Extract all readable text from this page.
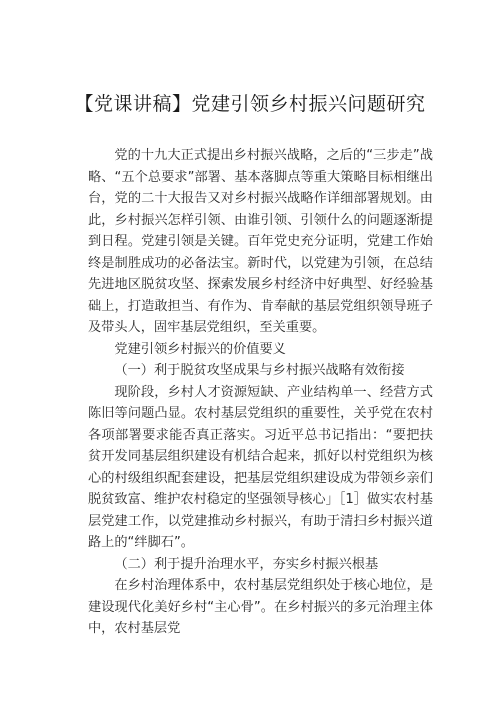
【党课讲稿】党建引领乡村振兴问题研究

党的十九大正式提出乡村振兴战略，之后的“三步走”战略、“五个总要求”部署、基本落脚点等重大策略目标相继出台，党的二十大报告又对乡村振兴战略作详细部署规划。由此，乡村振兴怎样引领、由谁引领、引领什么的问题逐渐提到日程。党建引领是关键。百年党史充分证明，党建工作始终是制胜成功的必备法宝。新时代，以党建为引领，在总结先进地区脱贫攻坚、探索发展乡村经济中好典型、好经验基础上，打造敢担当、有作为、肯奉献的基层党组织领导班子及带头人，固牢基层党组织，至关重要。

党建引领乡村振兴的价值要义

（一）利于脱贫攻坚成果与乡村振兴战略有效衔接

现阶段，乡村人才资源短缺、产业结构单一、经营方式陈旧等问题凸显。农村基层党组织的重要性，关乎党在农村各项部署要求能否真正落实。习近平总书记指出：“要把扶贫开发同基层组织建设有机结合起来，抓好以村党组织为核心的村级组织配套建设，把基层党组织建设成为带领乡亲们脱贫致富、维护农村稳定的坚强领导核心」［1］做实农村基层党建工作，以党建推动乡村振兴，有助于清扫乡村振兴道路上的“绊脚石”。

（二）利于提升治理水平，夯实乡村振兴根基

在乡村治理体系中，农村基层党组织处于核心地位，是建设现代化美好乡村“主心骨”。在乡村振兴的多元治理主体中，农村基层党
